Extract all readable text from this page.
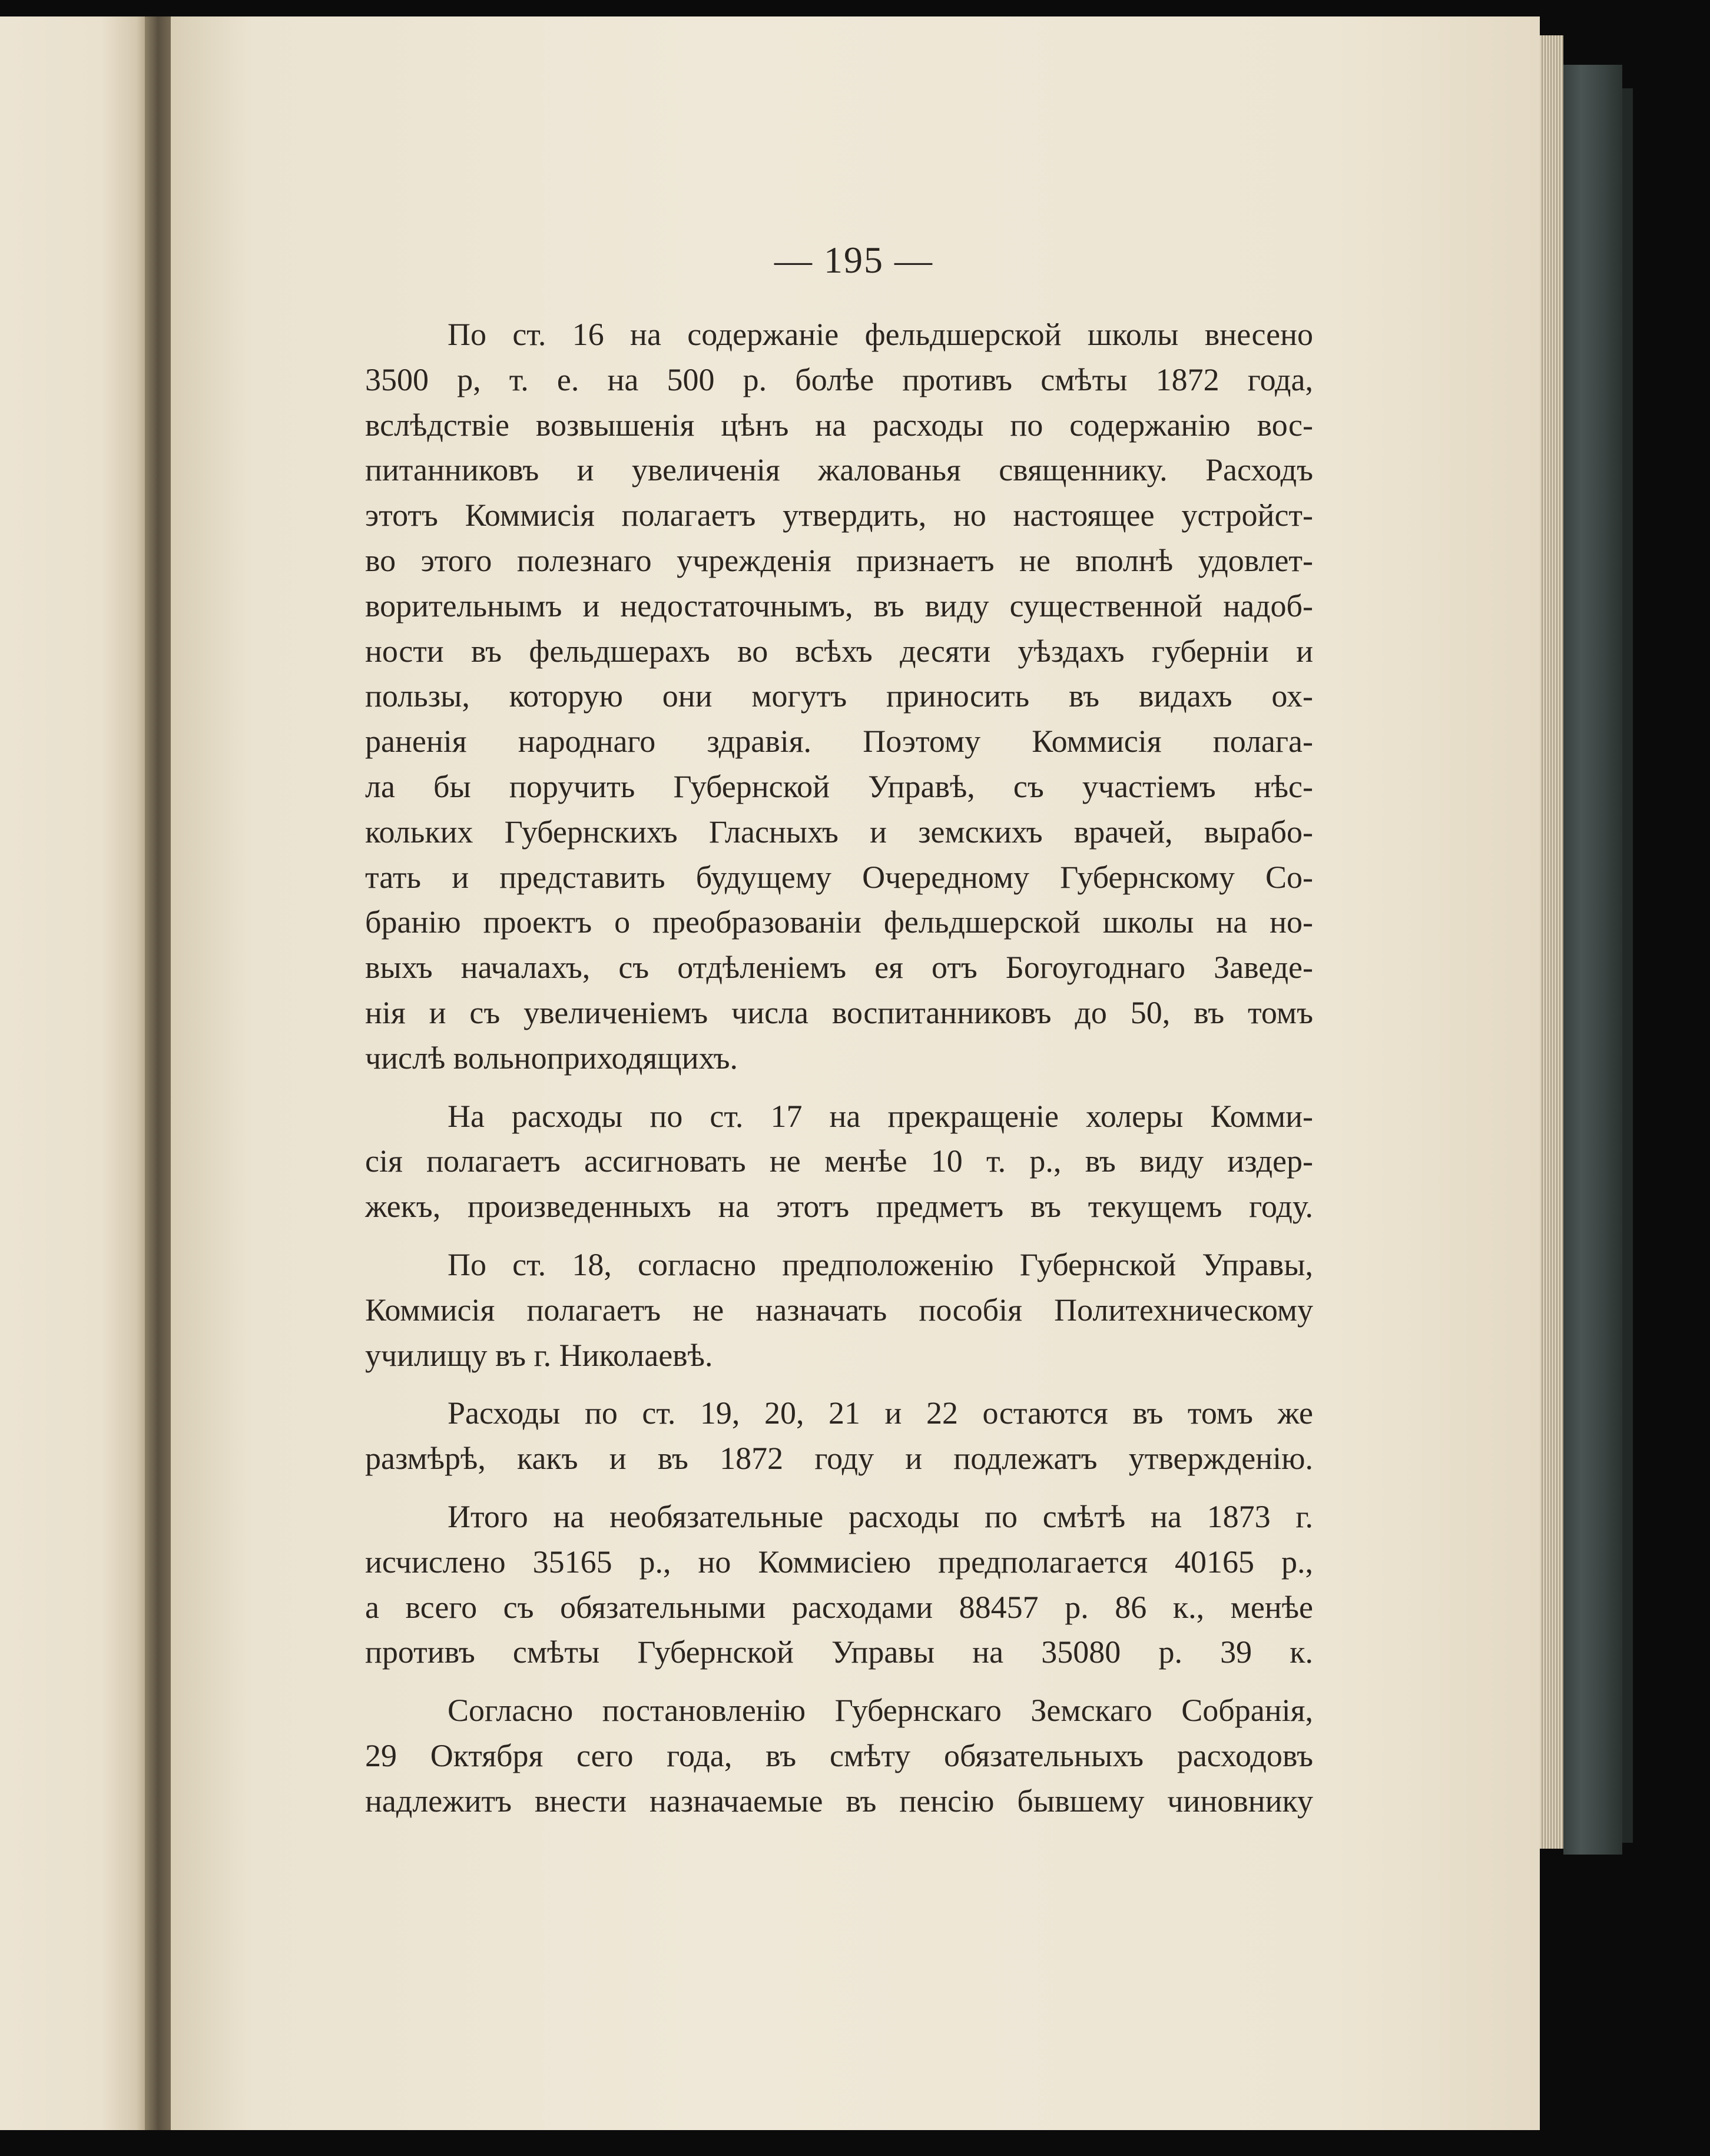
— 195 —
По ст. 16 на содержаніе фельдшерской школы внесено
3500 р, т. е. на 500 р. болѣе противъ смѣты 1872 года,
вслѣдствіе возвышенія цѣнъ на расходы по содержанію вос-
питанниковъ и увеличенія жалованья священнику. Расходъ
этотъ Коммисія полагаетъ утвердить, но настоящее устройст-
во этого полезнаго учрежденія признаетъ не вполнѣ удовлет-
ворительнымъ и недостаточнымъ, въ виду существенной надоб-
ности въ фельдшерахъ во всѣхъ десяти уѣздахъ губерніи и
пользы, которую они могутъ приносить въ видахъ ох-
раненія народнаго здравія. Поэтому Коммисія полага-
ла бы поручить Губернской Управѣ, съ участіемъ нѣс-
кольких Губернскихъ Гласныхъ и земскихъ врачей, вырабо-
тать и представить будущему Очередному Губернскому Со-
бранію проектъ о преобразованіи фельдшерской школы на но-
выхъ началахъ, съ отдѣленіемъ ея отъ Богоугоднаго Заведе-
нія и съ увеличеніемъ числа воспитанниковъ до 50, въ томъ
числѣ вольноприходящихъ.
На расходы по ст. 17 на прекращеніе холеры Комми-
сія полагаетъ ассигновать не менѣе 10 т. р., въ виду издер-
жекъ, произведенныхъ на этотъ предметъ въ текущемъ году.
По ст. 18, согласно предположенію Губернской Управы,
Коммисія полагаетъ не назначать пособія Политехническому
училищу въ г. Николаевѣ.
Расходы по ст. 19, 20, 21 и 22 остаются въ томъ же
размѣрѣ, какъ и въ 1872 году и подлежатъ утвержденію.
Итого на необязательные расходы по смѣтѣ на 1873 г.
исчислено 35165 р., но Коммисіею предполагается 40165 р.,
а всего съ обязательными расходами 88457 р. 86 к., менѣе
противъ смѣты Губернской Управы на 35080 р. 39 к.
Согласно постановленію Губернскаго Земскаго Собранія,
29 Октября сего года, въ смѣту обязательныхъ расходовъ
надлежитъ внести назначаемые въ пенсію бывшему чиновнику
